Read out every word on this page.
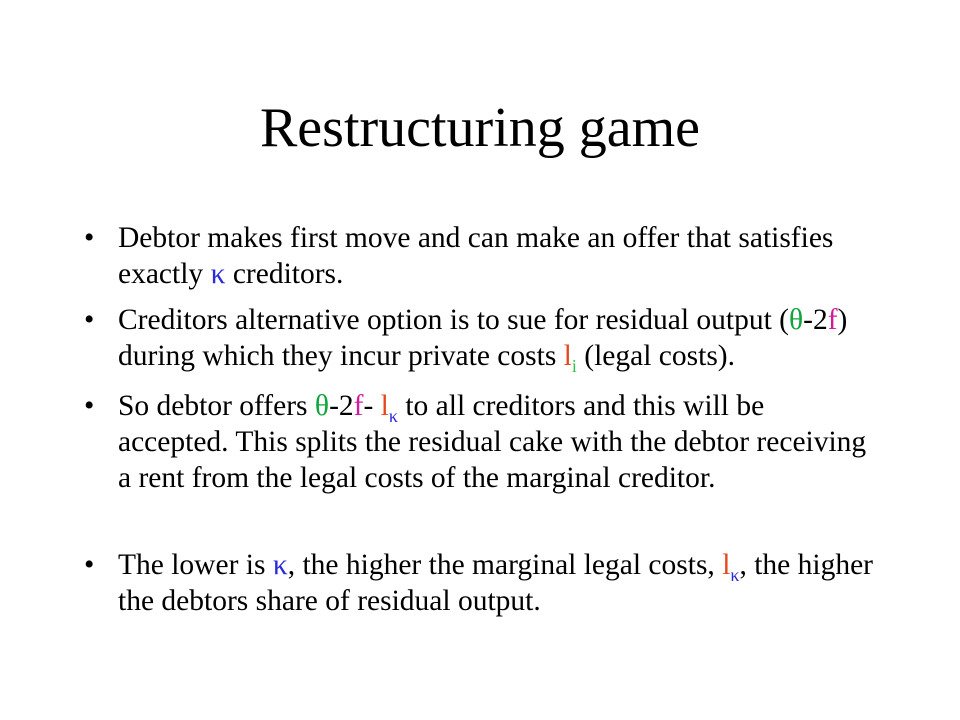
Restructuring game
• Debtor makes first move and can make an offer that satisfies exactly κ creditors.
• Creditors alternative option is to sue for residual output (θ-2f) during which they incur private costs $l_i$ (legal costs).
• So debtor offers θ-2f- $l_\kappa$ to all creditors and this will be accepted. This splits the residual cake with the debtor receiving a rent from the legal costs of the marginal creditor.
• The lower is κ, the higher the marginal legal costs, $l_\kappa$, the higher the debtors share of residual output.
